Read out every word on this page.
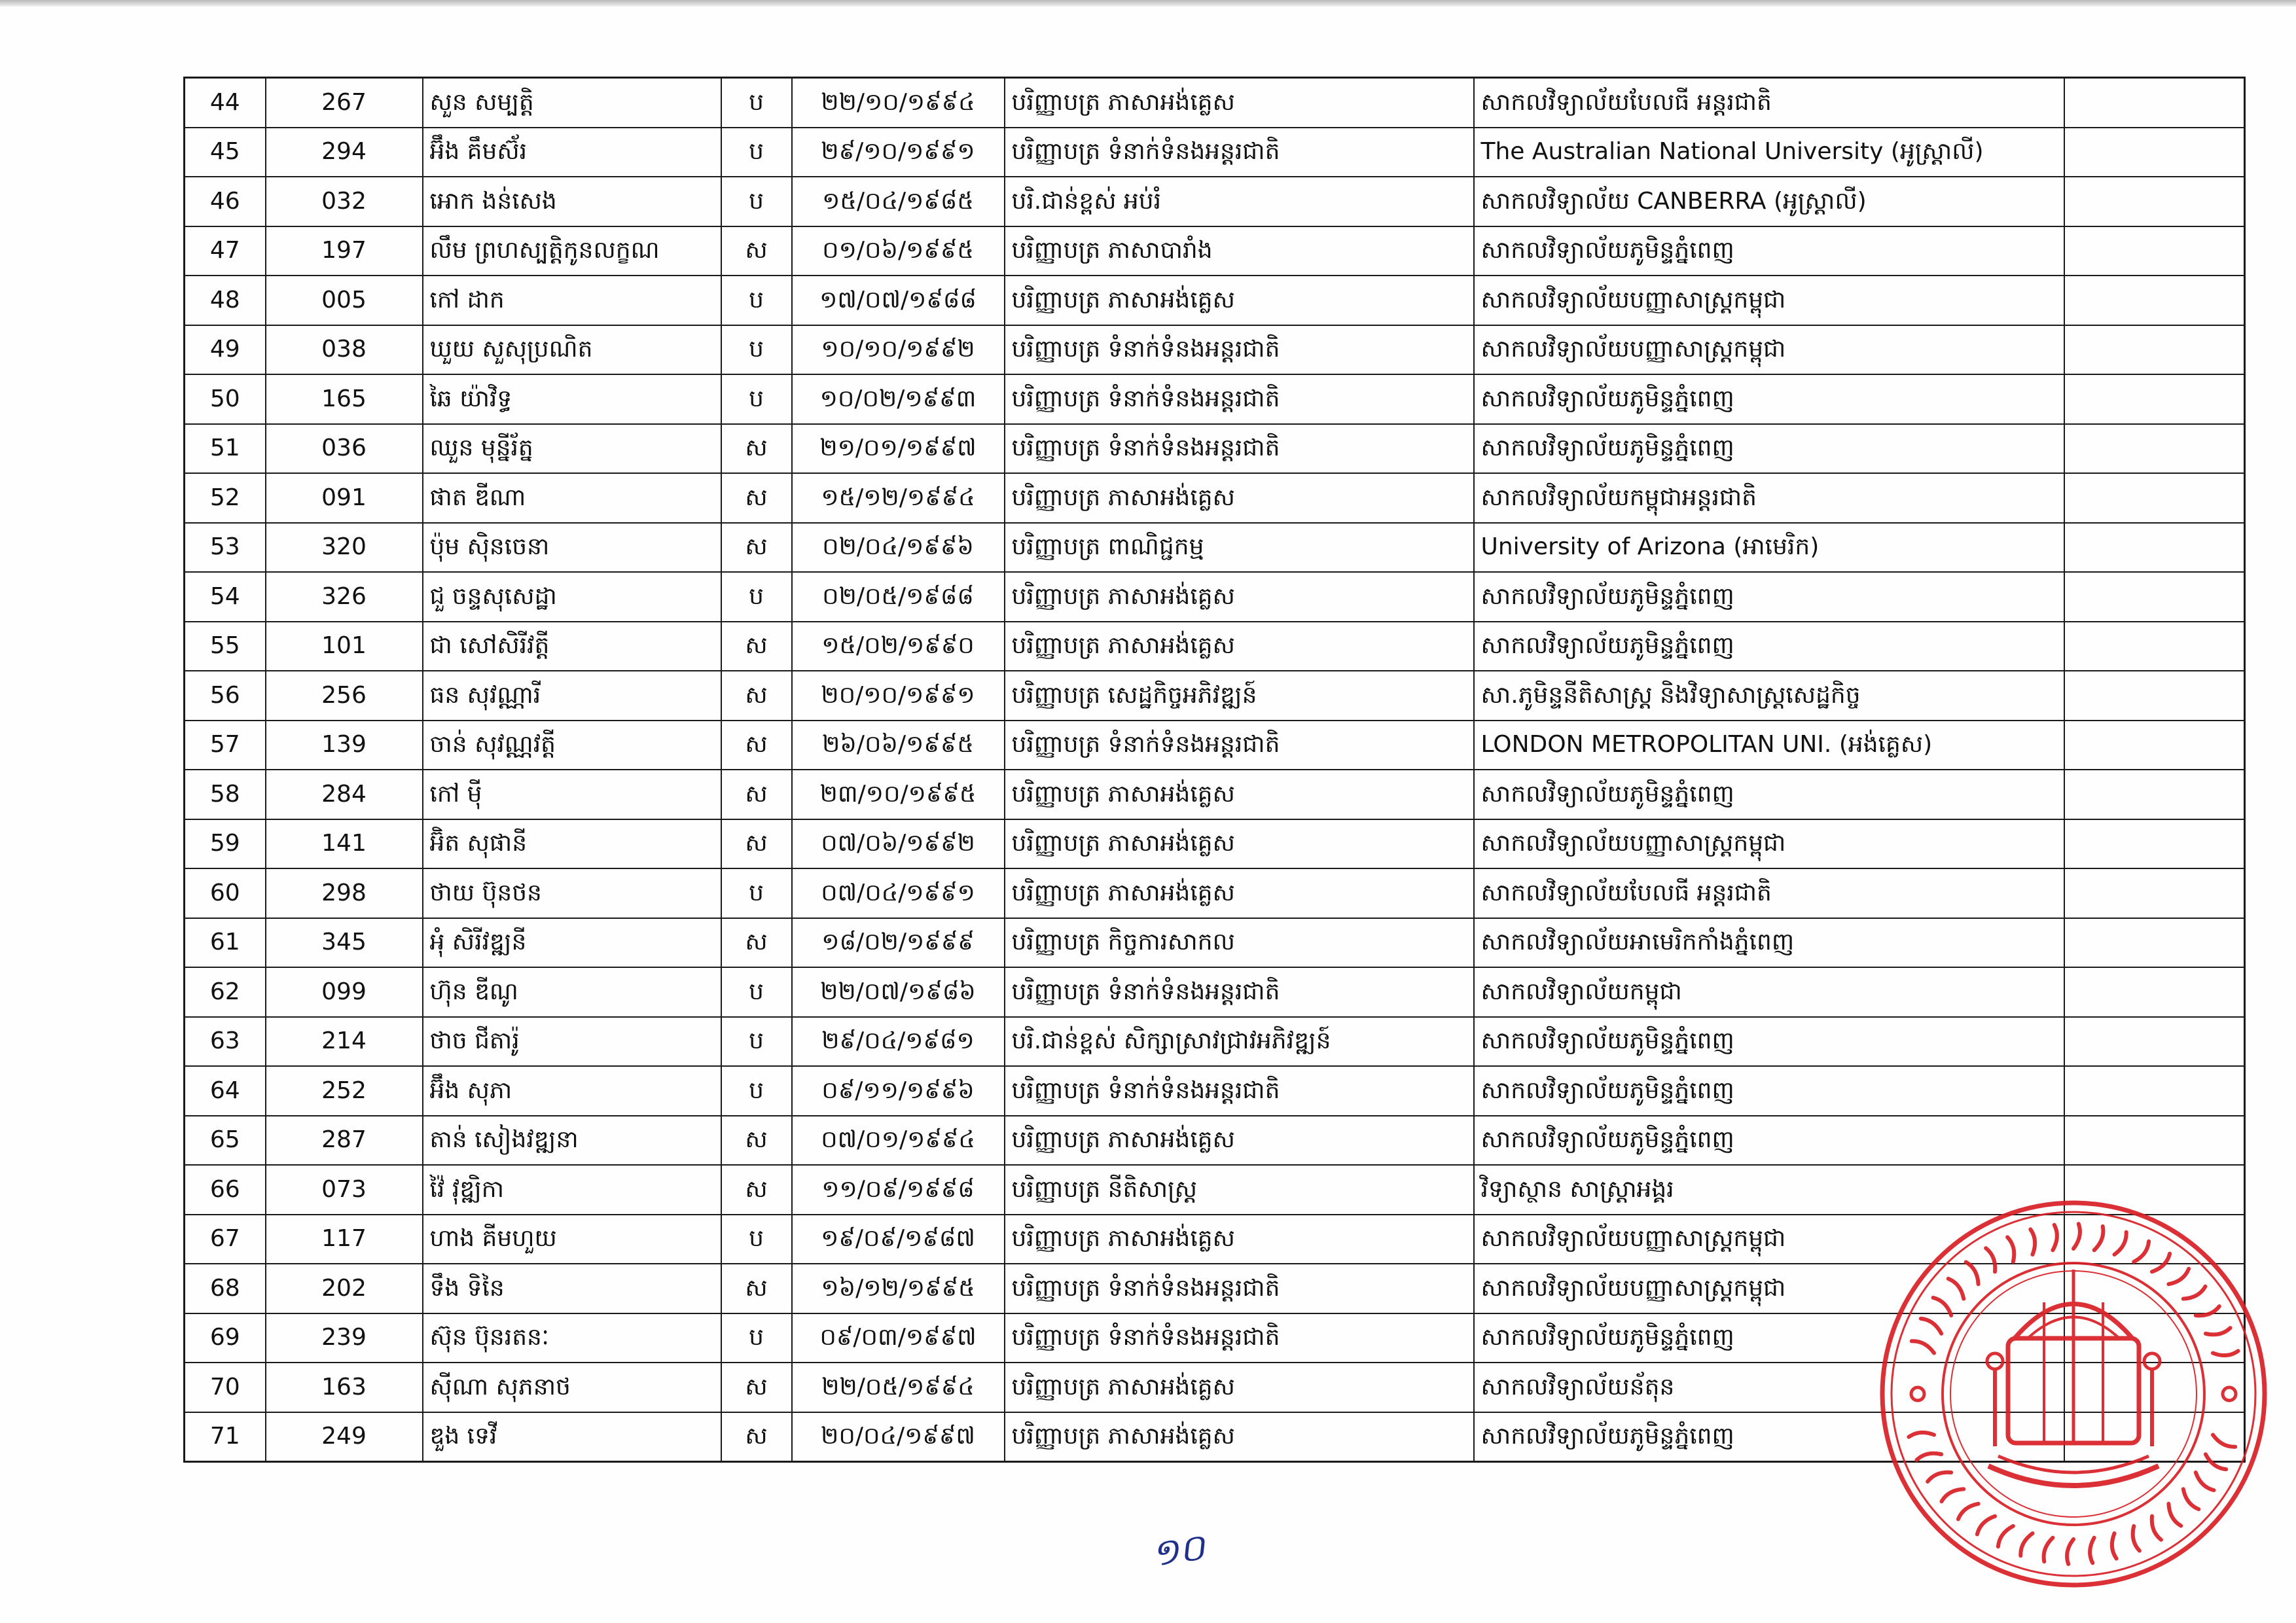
44	267	សួន សម្បត្តិ	ប	២២/១០/១៩៩៤	បរិញ្ញាបត្រ ភាសាអង់គ្លេស	សាកលវិទ្យាល័យបែលធី អន្តរជាតិ	
45	294	អ៊ឹង គឹមស៊័រ	ប	២៩/១០/១៩៩១	បរិញ្ញាបត្រ ទំនាក់ទំនងអន្តរជាតិ	The Australian National University (អូស្ត្រាលី)	
46	032	អោក ងន់សេង	ប	១៥/០៤/១៩៨៥	បរិ.ជាន់ខ្ពស់ អប់រំ	សាកលវិទ្យាល័យ CANBERRA (អូស្ត្រាលី)	
47	197	លឹម ព្រហស្បត្តិកូនលក្ខណ	ស	០១/០៦/១៩៩៥	បរិញ្ញាបត្រ ភាសាបារាំង	សាកលវិទ្យាល័យភូមិន្ទភ្នំពេញ	
48	005	កៅ ដាក	ប	១៧/០៧/១៩៨៨	បរិញ្ញាបត្រ ភាសាអង់គ្លេស	សាកលវិទ្យាល័យបញ្ញាសាស្ត្រកម្ពុជា	
49	038	ឃួយ សួសុប្រណិត	ប	១០/១០/១៩៩២	បរិញ្ញាបត្រ ទំនាក់ទំនងអន្តរជាតិ	សាកលវិទ្យាល័យបញ្ញាសាស្ត្រកម្ពុជា	
50	165	ឆៃ យ៉ាវិទ្ធ	ប	១០/០២/១៩៩៣	បរិញ្ញាបត្រ ទំនាក់ទំនងអន្តរជាតិ	សាកលវិទ្យាល័យភូមិន្ទភ្នំពេញ	
51	036	ឈួន មុន្នីរ័ត្ន	ស	២១/០១/១៩៩៧	បរិញ្ញាបត្រ ទំនាក់ទំនងអន្តរជាតិ	សាកលវិទ្យាល័យភូមិន្ទភ្នំពេញ	
52	091	ផាត ឌីណា	ស	១៥/១២/១៩៩៤	បរិញ្ញាបត្រ ភាសាអង់គ្លេស	សាកលវិទ្យាល័យកម្ពុជាអន្តរជាតិ	
53	320	ប៉ុម ស៊ិនចេនា	ស	០២/០៤/១៩៩៦	បរិញ្ញាបត្រ ពាណិជ្ជកម្ម	University of Arizona (អាមេរិក)	
54	326	ជួ ចន្ទសុសេដ្ឋា	ប	០២/០៥/១៩៨៨	បរិញ្ញាបត្រ ភាសាអង់គ្លេស	សាកលវិទ្យាល័យភូមិន្ទភ្នំពេញ	
55	101	ជា សៅសិរីវត្តី	ស	១៥/០២/១៩៩០	បរិញ្ញាបត្រ ភាសាអង់គ្លេស	សាកលវិទ្យាល័យភូមិន្ទភ្នំពេញ	
56	256	ធន សុវណ្ណារី	ស	២០/១០/១៩៩១	បរិញ្ញាបត្រ សេដ្ឋកិច្ចអភិវឌ្ឍន៍	សា.ភូមិន្ទនីតិសាស្ត្រ និងវិទ្យាសាស្ត្រសេដ្ឋកិច្ច	
57	139	ចាន់ សុវណ្ណវត្តី	ស	២៦/០៦/១៩៩៥	បរិញ្ញាបត្រ ទំនាក់ទំនងអន្តរជាតិ	LONDON METROPOLITAN UNI. (អង់គ្លេស)	
58	284	កៅ មុី	ស	២៣/១០/១៩៩៥	បរិញ្ញាបត្រ ភាសាអង់គ្លេស	សាកលវិទ្យាល័យភូមិន្ទភ្នំពេញ	
59	141	អ៊ិត សុផានី	ស	០៧/០៦/១៩៩២	បរិញ្ញាបត្រ ភាសាអង់គ្លេស	សាកលវិទ្យាល័យបញ្ញាសាស្ត្រកម្ពុជា	
60	298	ថាយ ប៊ុនថន	ប	០៧/០៤/១៩៩១	បរិញ្ញាបត្រ ភាសាអង់គ្លេស	សាកលវិទ្យាល័យបែលធី អន្តរជាតិ	
61	345	អុំ សិរីវឌ្ឍនី	ស	១៨/០២/១៩៩៩	បរិញ្ញាបត្រ កិច្ចការសាកល	សាកលវិទ្យាល័យអាមេរិកកាំងភ្នំពេញ	
62	099	ហ៊ុន ឌីណូ	ប	២២/០៧/១៩៨៦	បរិញ្ញាបត្រ ទំនាក់ទំនងអន្តរជាតិ	សាកលវិទ្យាល័យកម្ពុជា	
63	214	ថាច ជីតារ៉ូ	ប	២៩/០៤/១៩៨១	បរិ.ជាន់ខ្ពស់ សិក្សាស្រាវជ្រាវអភិវឌ្ឍន៍	សាកលវិទ្យាល័យភូមិន្ទភ្នំពេញ	
64	252	អ៊ឹង សុភា	ប	០៩/១១/១៩៩៦	បរិញ្ញាបត្រ ទំនាក់ទំនងអន្តរជាតិ	សាកលវិទ្យាល័យភូមិន្ទភ្នំពេញ	
65	287	តាន់ សៀងវឌ្ឍនា	ស	០៧/០១/១៩៩៤	បរិញ្ញាបត្រ ភាសាអង់គ្លេស	សាកលវិទ្យាល័យភូមិន្ទភ្នំពេញ	
66	073	វ៉ៃ វុឌ្ឍិកា	ស	១១/០៩/១៩៩៨	បរិញ្ញាបត្រ នីតិសាស្ត្រ	វិទ្យាស្ថាន សាស្ត្រាអង្គរ	
67	117	ហាង គីមហួយ	ប	១៩/០៩/១៩៨៧	បរិញ្ញាបត្រ ភាសាអង់គ្លេស	សាកលវិទ្យាល័យបញ្ញាសាស្ត្រកម្ពុជា	
68	202	ទឹង ទិនៃ	ស	១៦/១២/១៩៩៥	បរិញ្ញាបត្រ ទំនាក់ទំនងអន្តរជាតិ	សាកលវិទ្យាល័យបញ្ញាសាស្ត្រកម្ពុជា	
69	239	ស៊ុន ប៊ុនរតនៈ	ប	០៩/០៣/១៩៩៧	បរិញ្ញាបត្រ ទំនាក់ទំនងអន្តរជាតិ	សាកលវិទ្យាល័យភូមិន្ទភ្នំពេញ	
70	163	ស៊ីណា សុភនាថ	ស	២២/០៥/១៩៩៤	បរិញ្ញាបត្រ ភាសាអង់គ្លេស	សាកលវិទ្យាល័យន័តុន	
71	249	ឌួង ទេវី	ស	២០/០៤/១៩៩៧	បរិញ្ញាបត្រ ភាសាអង់គ្លេស	សាកលវិទ្យាល័យភូមិន្ទភ្នំពេញ	
១០
